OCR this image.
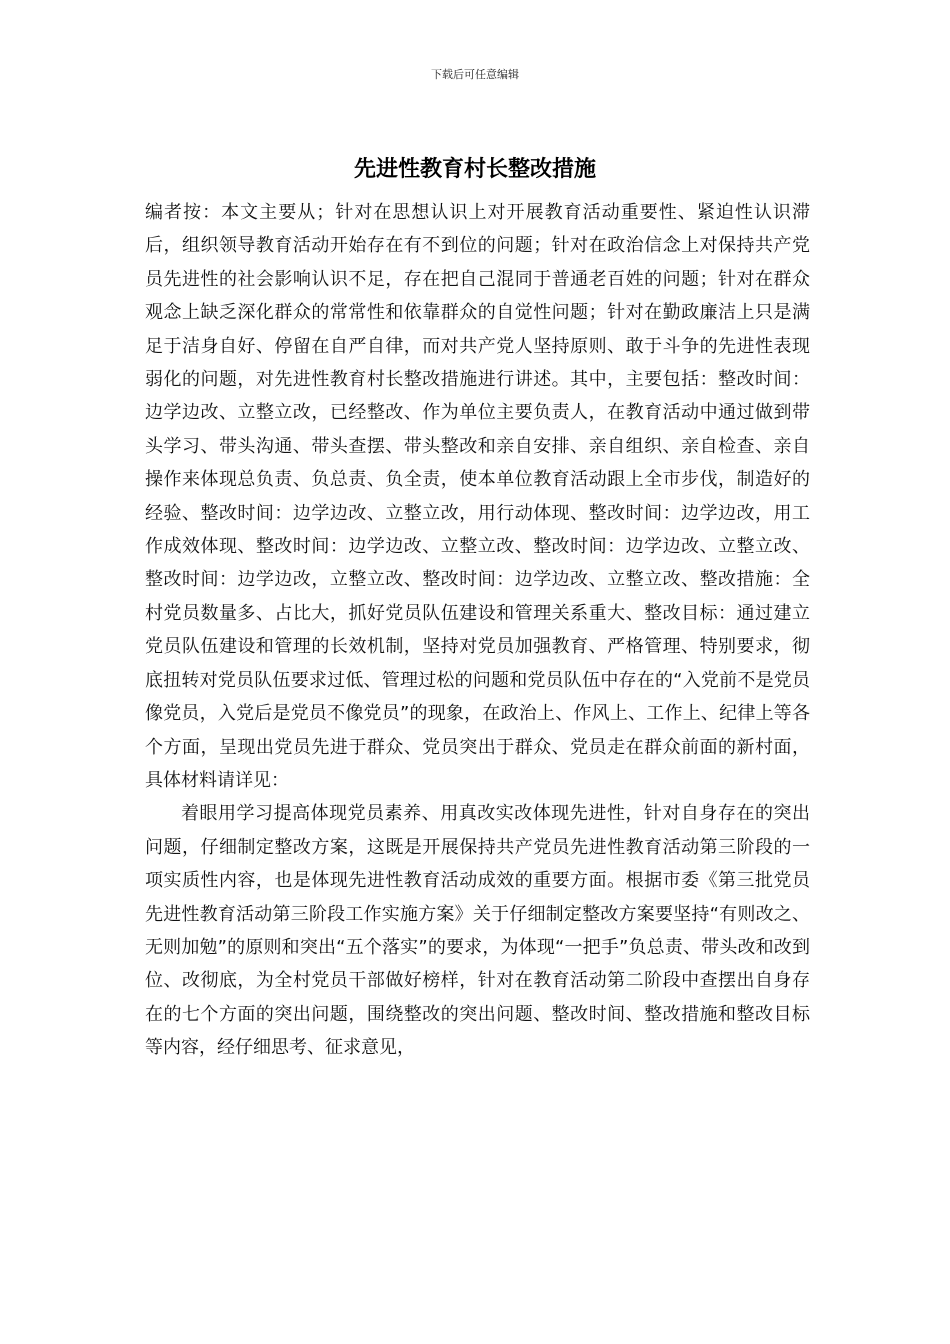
下载后可任意编辑
先进性教育村长整改措施

编者按：本文主要从；针对在思想认识上对开展教育活动重要性、紧迫性认识滞后，组织领导教育活动开始存在有不到位的问题；针对在政治信念上对保持共产党员先进性的社会影响认识不足，存在把自己混同于普通老百姓的问题；针对在群众观念上缺乏深化群众的常常性和依靠群众的自觉性问题；针对在勤政廉洁上只是满足于洁身自好、停留在自严自律，而对共产党人坚持原则、敢于斗争的先进性表现弱化的问题，对先进性教育村长整改措施进行讲述。其中，主要包括：整改时间：边学边改、立整立改，已经整改、作为单位主要负责人，在教育活动中通过做到带头学习、带头沟通、带头查摆、带头整改和亲自安排、亲自组织、亲自检查、亲自操作来体现总负责、负总责、负全责，使本单位教育活动跟上全市步伐，制造好的经验、整改时间：边学边改、立整立改，用行动体现、整改时间：边学边改，用工作成效体现、整改时间：边学边改、立整立改、整改时间：边学边改、立整立改、整改时间：边学边改，立整立改、整改时间：边学边改、立整立改、整改措施：全村党员数量多、占比大，抓好党员队伍建设和管理关系重大、整改目标：通过建立党员队伍建设和管理的长效机制，坚持对党员加强教育、严格管理、特别要求，彻底扭转对党员队伍要求过低、管理过松的问题和党员队伍中存在的“入党前不是党员像党员，入党后是党员不像党员”的现象，在政治上、作风上、工作上、纪律上等各个方面，呈现出党员先进于群众、党员突出于群众、党员走在群众前面的新村面，具体材料请详见：

着眼用学习提高体现党员素养、用真改实改体现先进性，针对自身存在的突出问题，仔细制定整改方案，这既是开展保持共产党员先进性教育活动第三阶段的一项实质性内容，也是体现先进性教育活动成效的重要方面。根据市委《第三批党员先进性教育活动第三阶段工作实施方案》关于仔细制定整改方案要坚持“有则改之、无则加勉”的原则和突出“五个落实”的要求，为体现“一把手”负总责、带头改和改到位、改彻底，为全村党员干部做好榜样，针对在教育活动第二阶段中查摆出自身存在的七个方面的突出问题，围绕整改的突出问题、整改时间、整改措施和整改目标等内容，经仔细思考、征求意见，
